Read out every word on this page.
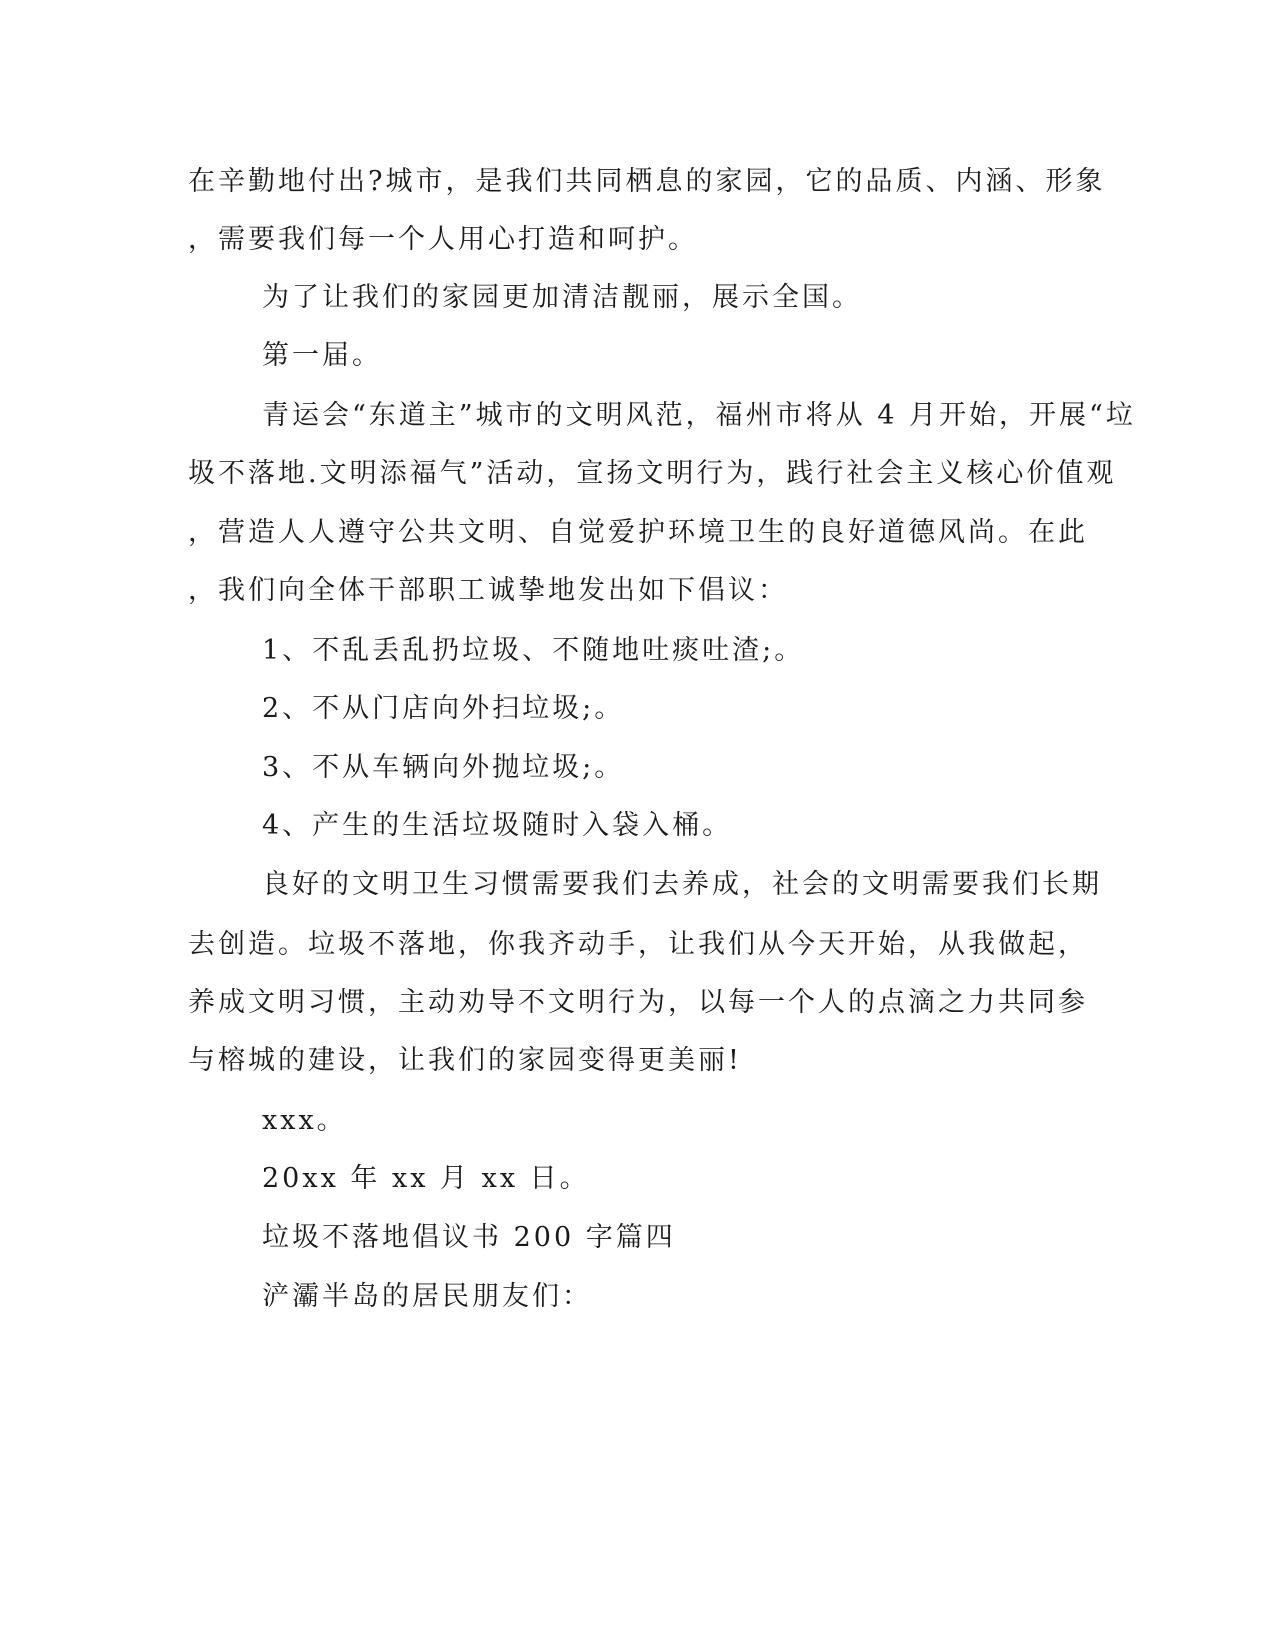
在辛勤地付出?城市，是我们共同栖息的家园，它的品质、内涵、形象
，需要我们每一个人用心打造和呵护。
为了让我们的家园更加清洁靓丽，展示全国。
第一届。
青运会“东道主”城市的文明风范，福州市将从 4 月开始，开展“垃
圾不落地.文明添福气”活动，宣扬文明行为，践行社会主义核心价值观
，营造人人遵守公共文明、自觉爱护环境卫生的良好道德风尚。在此
，我们向全体干部职工诚挚地发出如下倡议：
1、不乱丢乱扔垃圾、不随地吐痰吐渣;。
2、不从门店向外扫垃圾;。
3、不从车辆向外抛垃圾;。
4、产生的生活垃圾随时入袋入桶。
良好的文明卫生习惯需要我们去养成，社会的文明需要我们长期
去创造。垃圾不落地，你我齐动手，让我们从今天开始，从我做起，
养成文明习惯，主动劝导不文明行为，以每一个人的点滴之力共同参
与榕城的建设，让我们的家园变得更美丽!
xxx。
20xx 年 xx 月 xx 日。
垃圾不落地倡议书 200 字篇四
浐灞半岛的居民朋友们：
